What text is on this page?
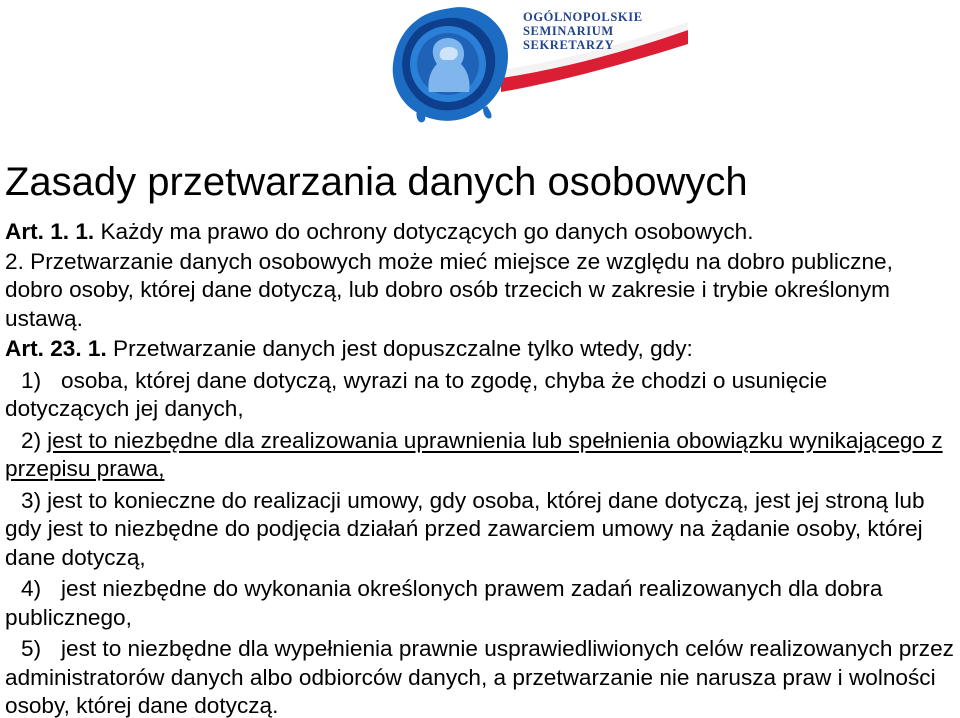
OGÓLNOPOLSKIE
SEMINARIUM
SEKRETARZY
Zasady przetwarzania danych osobowych

Art. 1. 1. Każdy ma prawo do ochrony dotyczących go danych osobowych.

2. Przetwarzanie danych osobowych może mieć miejsce ze względu na dobro publiczne, dobro osoby, której dane dotyczą, lub dobro osób trzecich w zakresie i trybie określonym ustawą.

Art. 23. 1. Przetwarzanie danych jest dopuszczalne tylko wtedy, gdy:

1) osoba, której dane dotyczą, wyrazi na to zgodę, chyba że chodzi o usunięcie dotyczących jej danych,

2) jest to niezbędne dla zrealizowania uprawnienia lub spełnienia obowiązku wynikającego z przepisu prawa,

3) jest to konieczne do realizacji umowy, gdy osoba, której dane dotyczą, jest jej stroną lub gdy jest to niezbędne do podjęcia działań przed zawarciem umowy na żądanie osoby, której dane dotyczą,

4) jest niezbędne do wykonania określonych prawem zadań realizowanych dla dobra publicznego,

5) jest to niezbędne dla wypełnienia prawnie usprawiedliwionych celów realizowanych przez administratorów danych albo odbiorców danych, a przetwarzanie nie narusza praw i wolności osoby, której dane dotyczą.
